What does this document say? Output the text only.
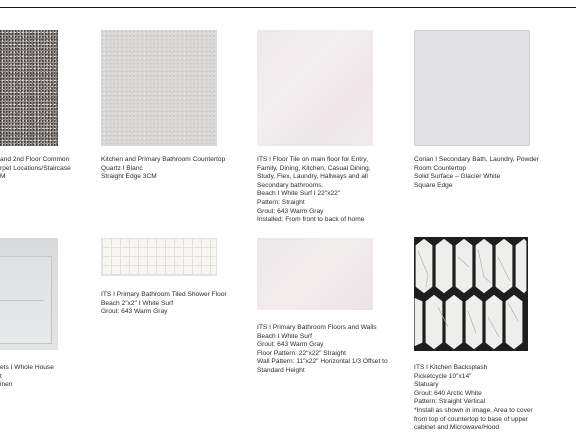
and 2nd Floor Common
rpet Locations/Staircase
M
Kitchen and Primary Bathroom Countertop
Quartz I Blanc
Straight Edge 3CM
ITS I Floor Tile on main floor for Entry,
Family, Dining, Kitchen, Casual Dining,
Study, Flex, Laundry, Hallways and all
Secondary bathrooms.
Beach I White Surf I 22"x22"
Pattern: Straight
Grout: 643 Warm Gray
Installed: From front to back of home
Corian I Secondary Bath, Laundry, Powder
Room Countertop
Solid Surface – Glacier White
Square Edge
ets I Whole House
t
inen
ITS I Primary Bathroom Tiled Shower Floor
Beach 2"x2" I White Surf
Grout: 643 Warm Gray
ITS I Primary Bathroom Floors and Walls
Beach I White Surf
Grout: 643 Warm Gray
Floor Pattern: 22"x22" Straight
Wall Pattern: 11"x22" Horizontal 1/3 Offset to
Standard Height	ITS I Kitchen Backsplash
Picketcycle 10"x14"
Statuary
Grout: 640 Arctic White
Pattern: Straight Vertical
*Install as shown in image. Area to cover
from top of countertop to base of upper
cabinet and Microwave/Hood
